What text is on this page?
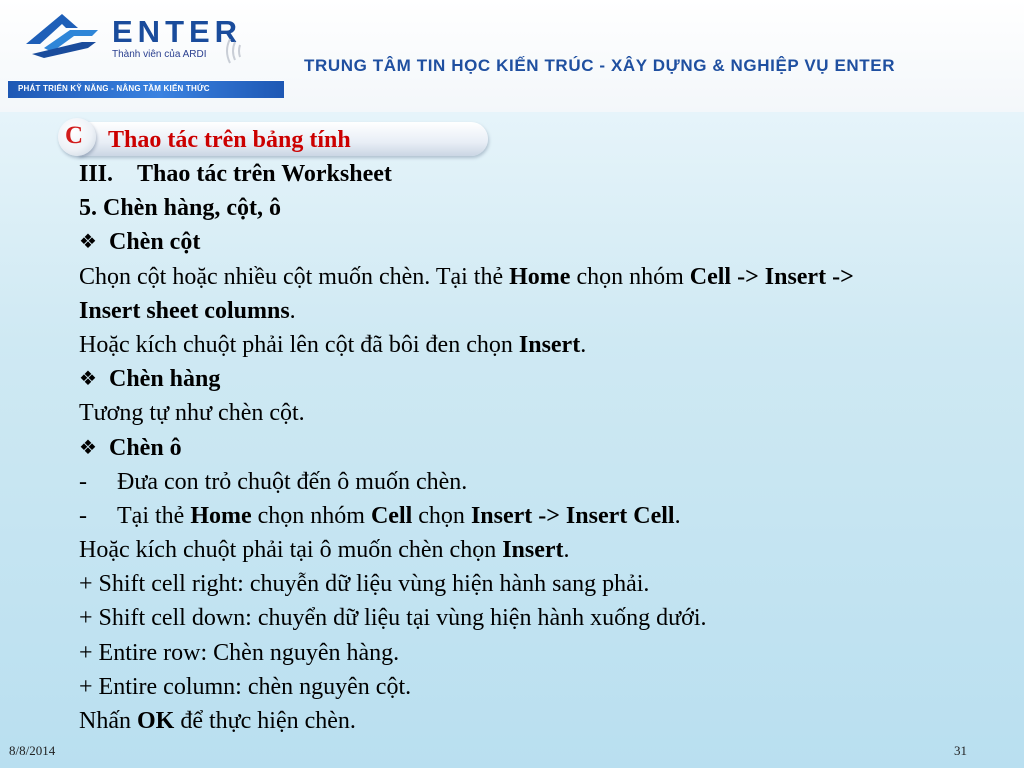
ENTER
Thành viên của ARDI
TRUNG TÂM TIN HỌC KIẾN TRÚC - XÂY DỰNG & NGHIỆP VỤ ENTER
PHÁT TRIỂN KỸ NĂNG - NÂNG TẦM KIẾN THỨC
C Thao tác trên bảng tính
III. Thao tác trên Worksheet
5. Chèn hàng, cột, ô
❖ Chèn cột
Chọn cột hoặc nhiều cột muốn chèn. Tại thẻ Home chọn nhóm Cell -> Insert ->
Insert sheet columns.
Hoặc kích chuột phải lên cột đã bôi đen chọn Insert.
❖ Chèn hàng
Tương tự như chèn cột.
❖ Chèn ô
- Đưa con trỏ chuột đến ô muốn chèn.
- Tại thẻ Home chọn nhóm Cell chọn Insert -> Insert Cell.
Hoặc kích chuột phải tại ô muốn chèn chọn Insert.
+ Shift cell right: chuyễn dữ liệu vùng hiện hành sang phải.
+ Shift cell down: chuyển dữ liệu tại vùng hiện hành xuống dưới.
+ Entire row: Chèn nguyên hàng.
+ Entire column: chèn nguyên cột.
Nhấn OK để thực hiện chèn.
8/8/2014	31
